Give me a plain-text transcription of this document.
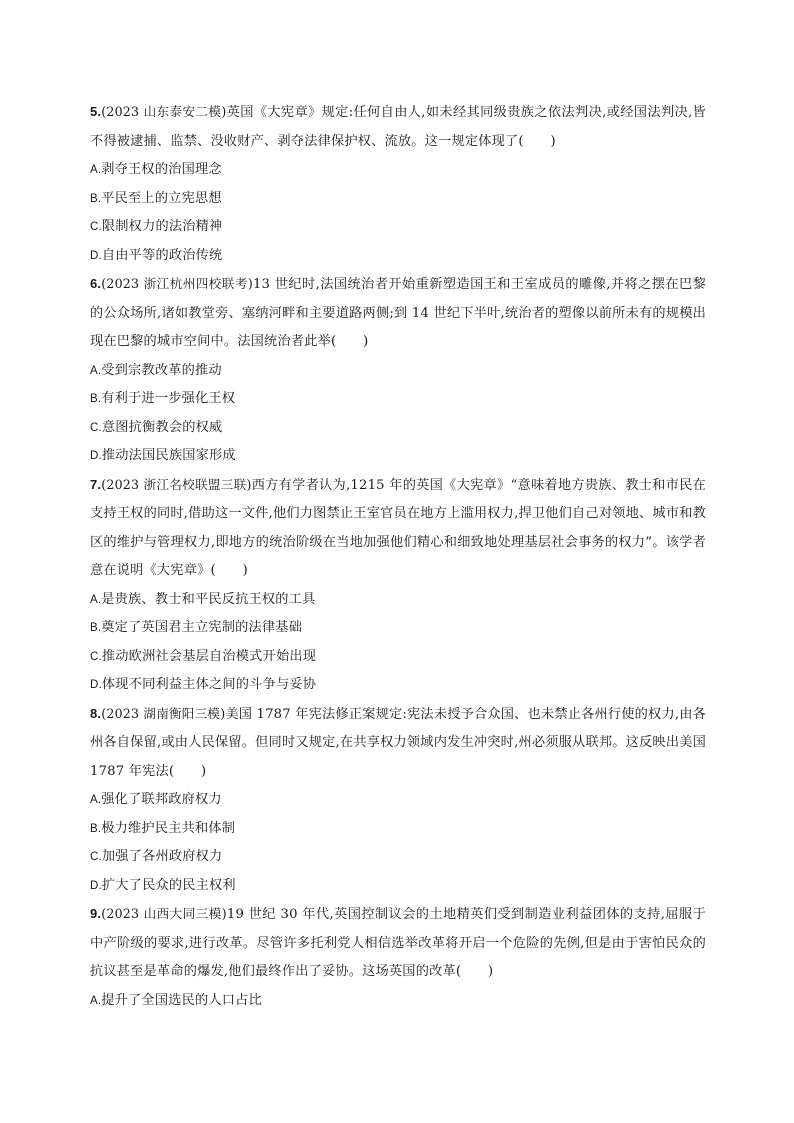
5.(2023 山东泰安二模)英国《大宪章》规定:任何自由人,如未经其同级贵族之依法判决,或经国法判决,皆不得被逮捕、监禁、没收财产、剥夺法律保护权、流放。这一规定体现了(　　)

A.剥夺王权的治国理念

B.平民至上的立宪思想

C.限制权力的法治精神

D.自由平等的政治传统

6.(2023 浙江杭州四校联考)13 世纪时,法国统治者开始重新塑造国王和王室成员的雕像,并将之摆在巴黎的公众场所,诸如教堂旁、塞纳河畔和主要道路两侧;到 14 世纪下半叶,统治者的塑像以前所未有的规模出现在巴黎的城市空间中。法国统治者此举(　　)

A.受到宗教改革的推动

B.有利于进一步强化王权

C.意图抗衡教会的权威

D.推动法国民族国家形成

7.(2023 浙江名校联盟三联)西方有学者认为,1215 年的英国《大宪章》“意味着地方贵族、教士和市民在支持王权的同时,借助这一文件,他们力图禁止王室官员在地方上滥用权力,捍卫他们自己对领地、城市和教区的维护与管理权力,即地方的统治阶级在当地加强他们精心和细致地处理基层社会事务的权力”。该学者意在说明《大宪章》(　　)

A.是贵族、教士和平民反抗王权的工具

B.奠定了英国君主立宪制的法律基础

C.推动欧洲社会基层自治模式开始出现

D.体现不同利益主体之间的斗争与妥协

8.(2023 湖南衡阳三模)美国 1787 年宪法修正案规定:宪法未授予合众国、也未禁止各州行使的权力,由各州各自保留,或由人民保留。但同时又规定,在共享权力领域内发生冲突时,州必须服从联邦。这反映出美国 1787 年宪法(　　)

A.强化了联邦政府权力

B.极力维护民主共和体制

C.加强了各州政府权力

D.扩大了民众的民主权利

9.(2023 山西大同三模)19 世纪 30 年代,英国控制议会的土地精英们受到制造业利益团体的支持,屈服于中产阶级的要求,进行改革。尽管许多托利党人相信选举改革将开启一个危险的先例,但是由于害怕民众的抗议甚至是革命的爆发,他们最终作出了妥协。这场英国的改革(　　)

A.提升了全国选民的人口占比
